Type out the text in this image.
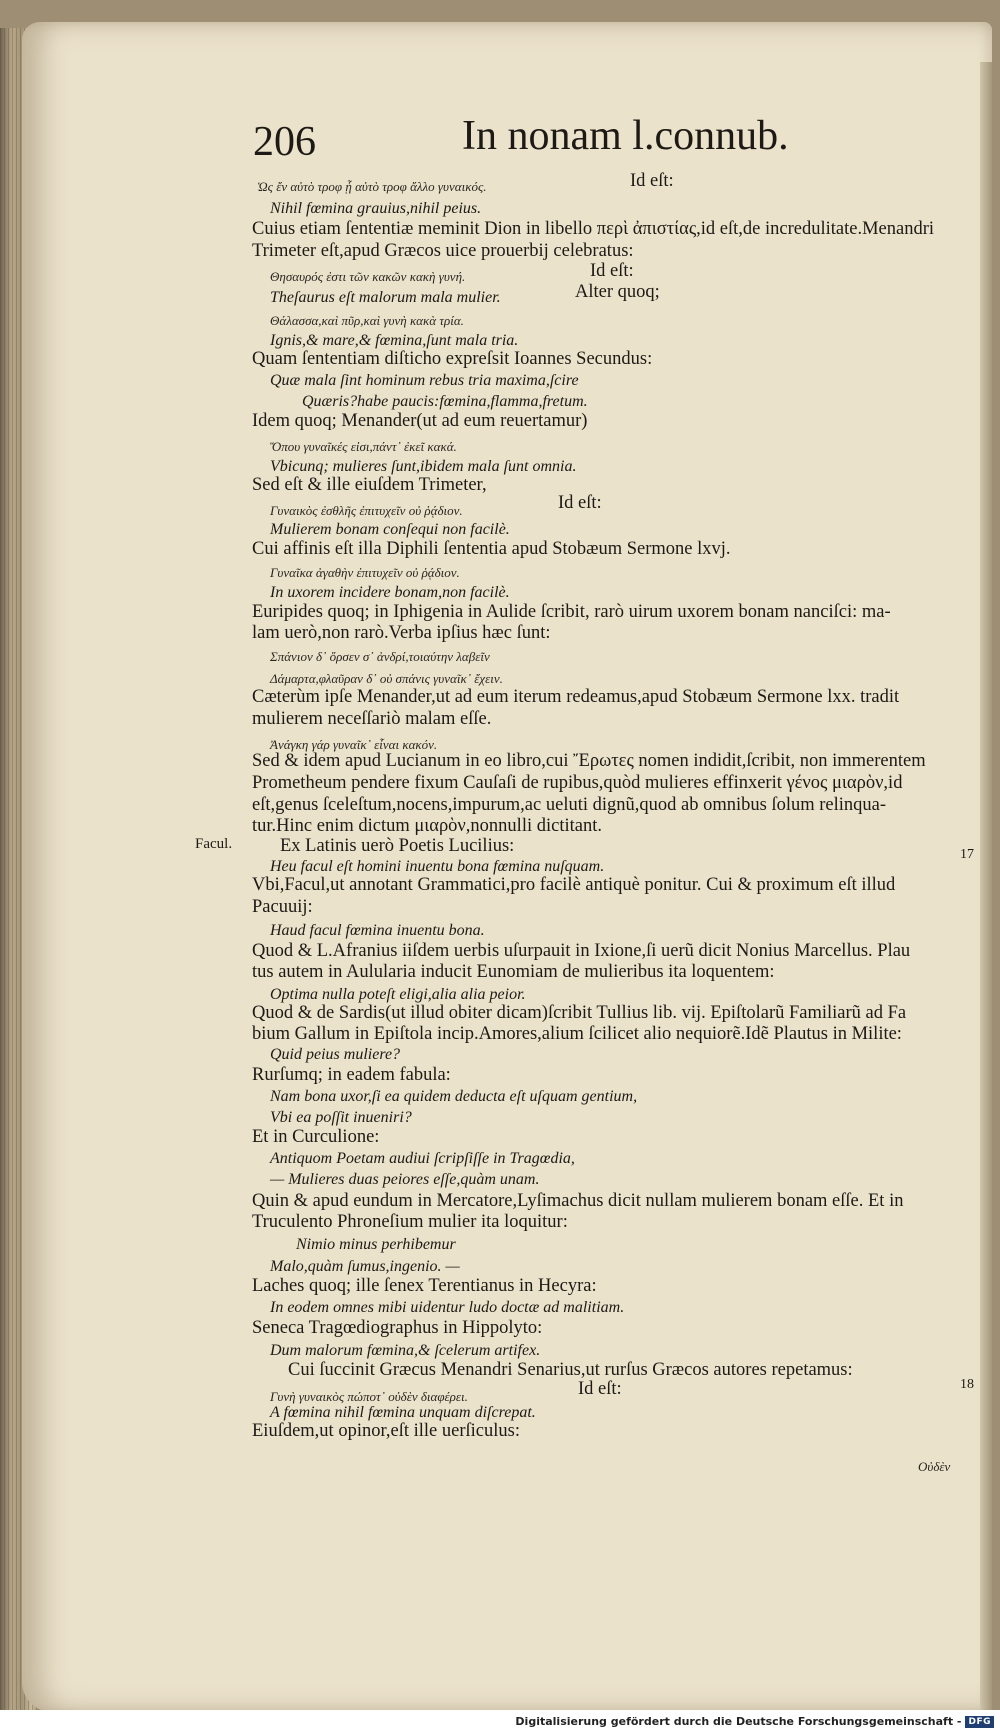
206	In nonam l.connub.
Ὡς ἔν αὐτὸ τροφ ᾗ αὐτὸ τροφ ἄλλο γυναικός.	Id eſt:
Nihil fœmina grauius,nihil peius.
Cuius etiam ſententiæ meminit Dion in libello περὶ ἀπιστίας,id eſt,de incredulitate.Menandri
Trimeter eſt,apud Græcos uice prouerbij celebratus:
Θησαυρός ἐστι τῶν κακῶν κακὴ γυνή.	Id eſt:
Theſaurus eſt malorum mala mulier.	Alter quoq;
Θάλασσα,καὶ πῦρ,καὶ γυνὴ κακὰ τρία.
Ignis,& mare,& fœmina,ſunt mala tria.
Quam ſententiam diſticho expreſsit Ioannes Secundus:
Quæ mala ſint hominum rebus tria maxima,ſcire
Quæris?habe paucis:fœmina,flamma,fretum.
Idem quoq; Menander(ut ad eum reuertamur)
Ὅπου γυναῖκές εἰσι,πάντ᾽ ἐκεῖ κακά.
Vbicunq; mulieres ſunt,ibidem mala ſunt omnia.
Sed eſt & ille eiuſdem Trimeter,
Γυναικὸς ἐσθλῆς ἐπιτυχεῖν οὐ ῥᾴδιον.	Id eſt:
Mulierem bonam conſequi non facilè.
Cui affinis eſt illa Diphili ſententia apud Stobæum Sermone lxvj.
Γυναῖκα ἀγαθὴν ἐπιτυχεῖν οὐ ῥᾴδιον.
In uxorem incidere bonam,non facilè.
Euripides quoq; in Iphigenia in Aulide ſcribit, rarò uirum uxorem bonam nanciſci: ma-
lam uerò,non rarò.Verba ipſius hæc ſunt:
Σπάνιον δ᾽ ὅρσεν σ᾽ ἀνδρί,τοιαύτην λαβεῖν
Δάμαρτα,φλαῦραν δ᾽ οὐ σπάνις γυναῖκ᾽ ἔχειν.
Cæterùm ipſe Menander,ut ad eum iterum redeamus,apud Stobæum Sermone lxx. tradit
mulierem neceſſariò malam eſſe.
Ἀνάγκη γάρ γυναῖκ᾽ εἶναι κακόν.
Sed & idem apud Lucianum in eo libro,cui Ἔρωτες nomen indidit,ſcribit, non immerentem
Prometheum pendere fixum Cauſaſi de rupibus,quòd mulieres effinxerit γένος μιαρὸν,id
eſt,genus ſceleſtum,nocens,impurum,ac ueluti dignũ,quod ab omnibus ſolum relinqua-
tur.Hinc enim dictum μιαρὸν,nonnulli dictitant.
Ex Latinis uerò Poetis Lucilius:
Heu facul eſt homini inuentu bona fœmina nuſquam.
Vbi,Facul,ut annotant Grammatici,pro facilè antiquè ponitur. Cui & proximum eſt illud
Pacuuij:
Haud facul fœmina inuentu bona.
Quod & L.Afranius iiſdem uerbis uſurpauit in Ixione,ſi uerũ dicit Nonius Marcellus. Plau
tus autem in Aulularia inducit Eunomiam de mulieribus ita loquentem:
Optima nulla poteſt eligi,alia alia peior.
Quod & de Sardis(ut illud obiter dicam)ſcribit Tullius lib. vij. Epiſtolarũ Familiarũ ad Fa
bium Gallum in Epiſtola incip.Amores,alium ſcilicet alio nequiorẽ.Idẽ Plautus in Milite:
Quid peius muliere?
Rurſumq; in eadem fabula:
Nam bona uxor,ſi ea quidem deducta eſt uſquam gentium,
Vbi ea poſſit inueniri?
Et in Curculione:
Antiquom Poetam audiui ſcripſiſſe in Tragœdia,
— Mulieres duas peiores eſſe,quàm unam.
Quin & apud eundum in Mercatore,Lyſimachus dicit nullam mulierem bonam eſſe. Et in
Truculento Phroneſium mulier ita loquitur:
Nimio minus perhibemur
Malo,quàm ſumus,ingenio. —
Laches quoq; ille ſenex Terentianus in Hecyra:
In eodem omnes mibi uidentur ludo doctæ ad malitiam.
Seneca Tragœdiographus in Hippolyto:
Dum malorum fœmina,& ſcelerum artifex.
Cui ſuccinit Græcus Menandri Senarius,ut rurſus Græcos autores repetamus:
Γυνὴ γυναικὸς πώποτ᾽ οὐδὲν διαφέρει.	Id eſt:
A fœmina nihil fœmina unquam diſcrepat.
Eiuſdem,ut opinor,eſt ille uerſiculus:
Facul.
17
18
Οὐδὲν
Digitalisierung gefördert durch die Deutsche Forschungsgemeinschaft - DFG
